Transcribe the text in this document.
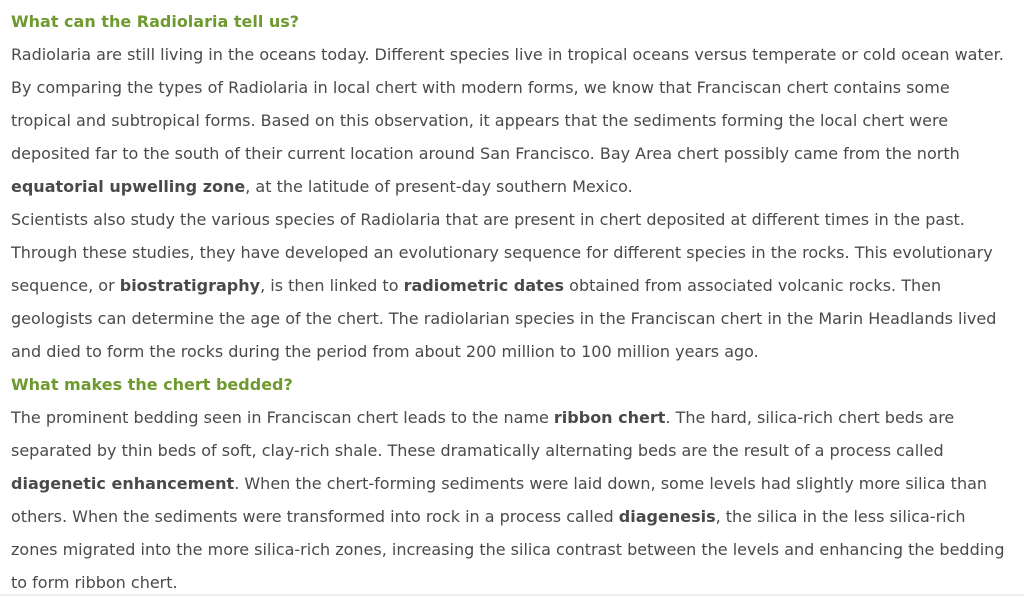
What can the Radiolaria tell us?

Radiolaria are still living in the oceans today. Different species live in tropical oceans versus temperate or cold ocean water. By comparing the types of Radiolaria in local chert with modern forms, we know that Franciscan chert contains some tropical and subtropical forms. Based on this observation, it appears that the sediments forming the local chert were deposited far to the south of their current location around San Francisco. Bay Area chert possibly came from the north equatorial upwelling zone, at the latitude of present-day southern Mexico.

Scientists also study the various species of Radiolaria that are present in chert deposited at different times in the past. Through these studies, they have developed an evolutionary sequence for different species in the rocks. This evolutionary sequence, or biostratigraphy, is then linked to radiometric dates obtained from associated volcanic rocks. Then geologists can determine the age of the chert. The radiolarian species in the Franciscan chert in the Marin Headlands lived and died to form the rocks during the period from about 200 million to 100 million years ago.

What makes the chert bedded?

The prominent bedding seen in Franciscan chert leads to the name ribbon chert. The hard, silica-rich chert beds are separated by thin beds of soft, clay-rich shale. These dramatically alternating beds are the result of a process called diagenetic enhancement. When the chert-forming sediments were laid down, some levels had slightly more silica than others. When the sediments were transformed into rock in a process called diagenesis, the silica in the less silica-rich zones migrated into the more silica-rich zones, increasing the silica contrast between the levels and enhancing the bedding to form ribbon chert.
